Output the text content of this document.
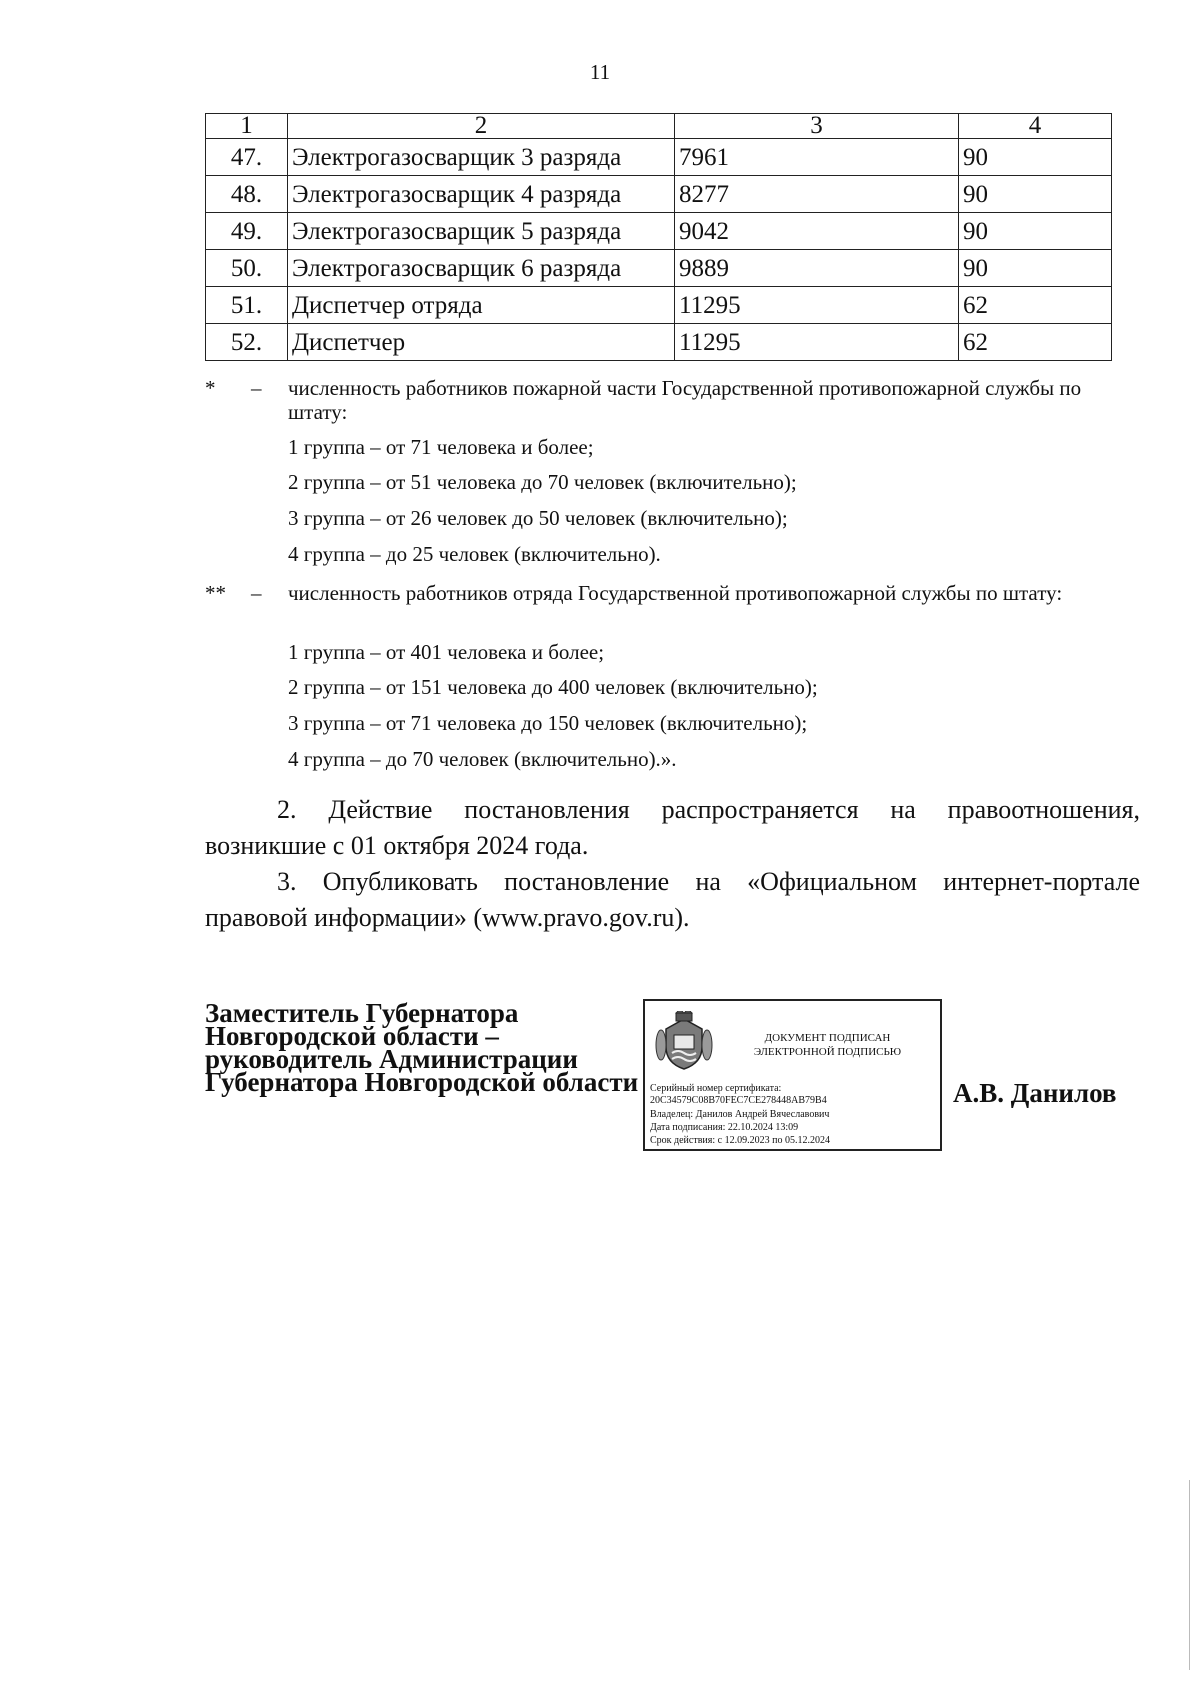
11
1	2	3	4
47.	Электрогазосварщик 3 разряда	7961	90
48.	Электрогазосварщик 4 разряда	8277	90
49.	Электрогазосварщик 5 разряда	9042	90
50.	Электрогазосварщик 6 разряда	9889	90
51.	Диспетчер отряда	11295	62
52.	Диспетчер	11295	62
* – численность работников пожарной части Государственной противопожарной службы по штату:
1 группа – от 71 человека и более;
2 группа – от 51 человека до 70 человек (включительно);
3 группа – от 26 человек до 50 человек (включительно);
4 группа – до 25 человек (включительно).
** – численность работников отряда Государственной противопожарной службы по штату:
1 группа – от 401 человека и более;
2 группа – от 151 человека до 400 человек (включительно);
3 группа – от 71 человека до 150 человек (включительно);
4 группа – до 70 человек (включительно).».
2. Действие постановления распространяется на правоотношения, возникшие с 01 октября 2024 года.
3. Опубликовать постановление на «Официальном интернет-портале правовой информации» (www.pravo.gov.ru).
Заместитель Губернатора
Новгородской области –
руководитель Администрации
Губернатора Новгородской области
ДОКУМЕНТ ПОДПИСАН
ЭЛЕКТРОННОЙ ПОДПИСЬЮ
Серийный номер сертификата:
20C34579C08B70FEC7CE278448AB79B4
Владелец: Данилов Андрей Вячеславович
Дата подписания: 22.10.2024 13:09
Срок действия: с 12.09.2023 по 05.12.2024
А.В. Данилов
